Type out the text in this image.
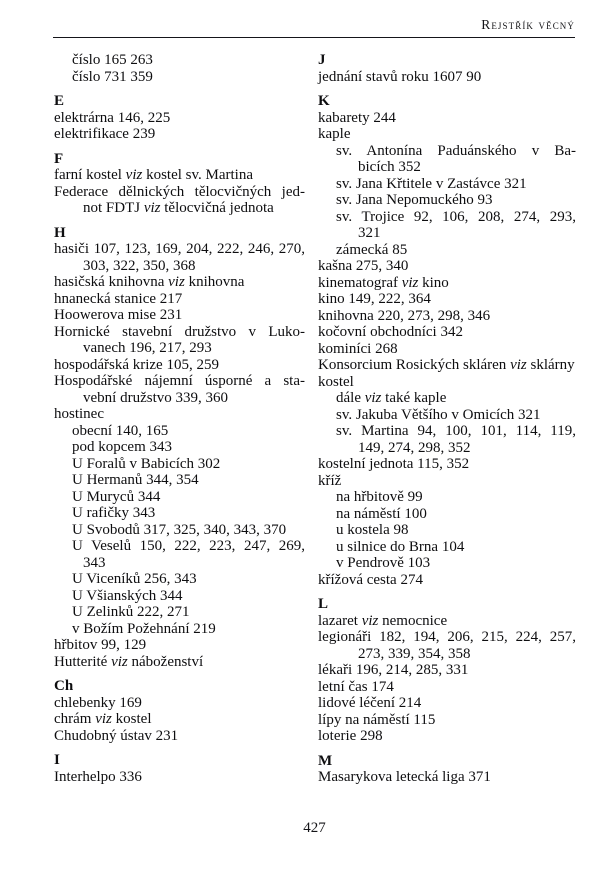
Rejstřík věcný
číslo 165 263
číslo 731 359
E
elektrárna 146, 225
elektrifikace 239
F
farní kostel viz kostel sv. Martina
Federace dělnických tělocvičných jed-
not FDTJ viz tělocvičná jednota
H
hasiči 107, 123, 169, 204, 222, 246, 270,
303, 322, 350, 368
hasičská knihovna viz knihovna
hnanecká stanice 217
Hoowerova mise 231
Hornické stavební družstvo v Luko-
vanech 196, 217, 293
hospodářská krize 105, 259
Hospodářské nájemní úsporné a sta-
vební družstvo 339, 360
hostinec
obecní 140, 165
pod kopcem 343
U Foralů v Babicích 302
U Hermanů 344, 354
U Muryců 344
U rafičky 343
U Svobodů 317, 325, 340, 343, 370
U Veselů 150, 222, 223, 247, 269,
343
U Viceníků 256, 343
U Všianských 344
U Zelinků 222, 271
v Božím Požehnání 219
hřbitov 99, 129
Hutterité viz náboženství
Ch
chlebenky 169
chrám viz kostel
Chudobný ústav 231
I
Interhelpo 336
J
jednání stavů roku 1607 90
K
kabarety 244
kaple
sv. Antonína Paduánského v Ba-
bicích 352
sv. Jana Křtitele v Zastávce 321
sv. Jana Nepomuckého 93
sv. Trojice 92, 106, 208, 274, 293,
321
zámecká 85
kašna 275, 340
kinematograf viz kino
kino 149, 222, 364
knihovna 220, 273, 298, 346
kočovní obchodníci 342
kominíci 268
Konsorcium Rosických skláren viz sklárny
kostel
dále viz také kaple
sv. Jakuba Většího v Omicích 321
sv. Martina 94, 100, 101, 114, 119,
149, 274, 298, 352
kostelní jednota 115, 352
kříž
na hřbitově 99
na náměstí 100
u kostela 98
u silnice do Brna 104
v Pendrově 103
křížová cesta 274
L
lazaret viz nemocnice
legionáři 182, 194, 206, 215, 224, 257,
273, 339, 354, 358
lékaři 196, 214, 285, 331
letní čas 174
lidové léčení 214
lípy na náměstí 115
loterie 298
M
Masarykova letecká liga 371
427
